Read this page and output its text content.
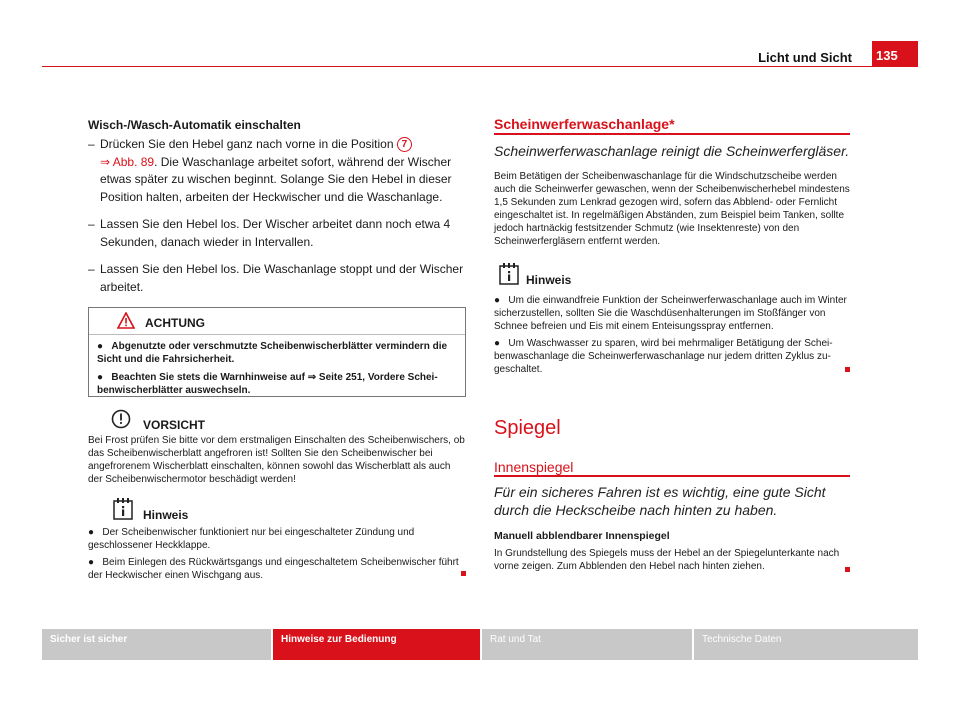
Licht und Sicht 135
Wisch-/Wasch-Automatik einschalten
– Drücken Sie den Hebel ganz nach vorne in die Position 7
⇒ Abb. 89. Die Waschanlage arbeitet sofort, während der Wischer etwas später zu wischen beginnt. Solange Sie den Hebel in dieser Position halten, arbeiten der Heckwischer und die Waschanlage.
– Lassen Sie den Hebel los. Der Wischer arbeitet dann noch etwa 4 Sekunden, danach wieder in Intervallen.
– Lassen Sie den Hebel los. Die Waschanlage stoppt und der Wischer arbeitet.
ACHTUNG

● Abgenutzte oder verschmutzte Scheibenwischerblätter vermindern die Sicht und die Fahrsicherheit.

● Beachten Sie stets die Warnhinweise auf ⇒ Seite 251, Vordere Scheibenwischerblätter auswechseln.

VORSICHT
Bei Frost prüfen Sie bitte vor dem erstmaligen Einschalten des Scheibenwischers, ob das Scheibenwischerblatt angefroren ist! Sollten Sie den Scheibenwischer bei angefrorenem Wischerblatt einschalten, können sowohl das Wischerblatt als auch der Scheibenwischermotor beschädigt werden!
Hinweis

● Der Scheibenwischer funktioniert nur bei eingeschalteter Zündung und geschlossener Heckklappe.

● Beim Einlegen des Rückwärtsgangs und eingeschaltetem Scheibenwischer führt der Heckwischer einen Wischgang aus.

Scheinwerferwaschanlage*
Scheinwerferwaschanlage reinigt die Scheinwerfergläser.
Beim Betätigen der Scheibenwaschanlage für die Windschutzscheibe werden auch die Scheinwerfer gewaschen, wenn der Scheibenwischerhebel mindestens 1,5 Sekunden zum Lenkrad gezogen wird, sofern das Abblend- oder Fernlicht eingeschaltet ist. In regelmäßigen Abständen, zum Beispiel beim Tanken, sollte jedoch hartnäckig festsitzender Schmutz (wie Insektenreste) von den Scheinwerfergläsern entfernt werden.
Hinweis

● Um die einwandfreie Funktion der Scheinwerferwaschanlage auch im Winter sicherzustellen, sollten Sie die Waschdüsenhalterungen im Stoßfänger von Schnee befreien und Eis mit einem Enteisungsspray entfernen.

● Um Waschwasser zu sparen, wird bei mehrmaliger Betätigung der Scheibenwaschanlage die Scheinwerferwaschanlage nur jedem dritten Zyklus zugeschaltet.

Spiegel
Innenspiegel
Für ein sicheres Fahren ist es wichtig, eine gute Sicht durch die Heckscheibe nach hinten zu haben.
Manuell abblendbarer Innenspiegel
In Grundstellung des Spiegels muss der Hebel an der Spiegelunterkante nach vorne zeigen. Zum Abblenden den Hebel nach hinten ziehen.
Sicher ist sicher	Hinweise zur Bedienung	Rat und Tat	Technische Daten
